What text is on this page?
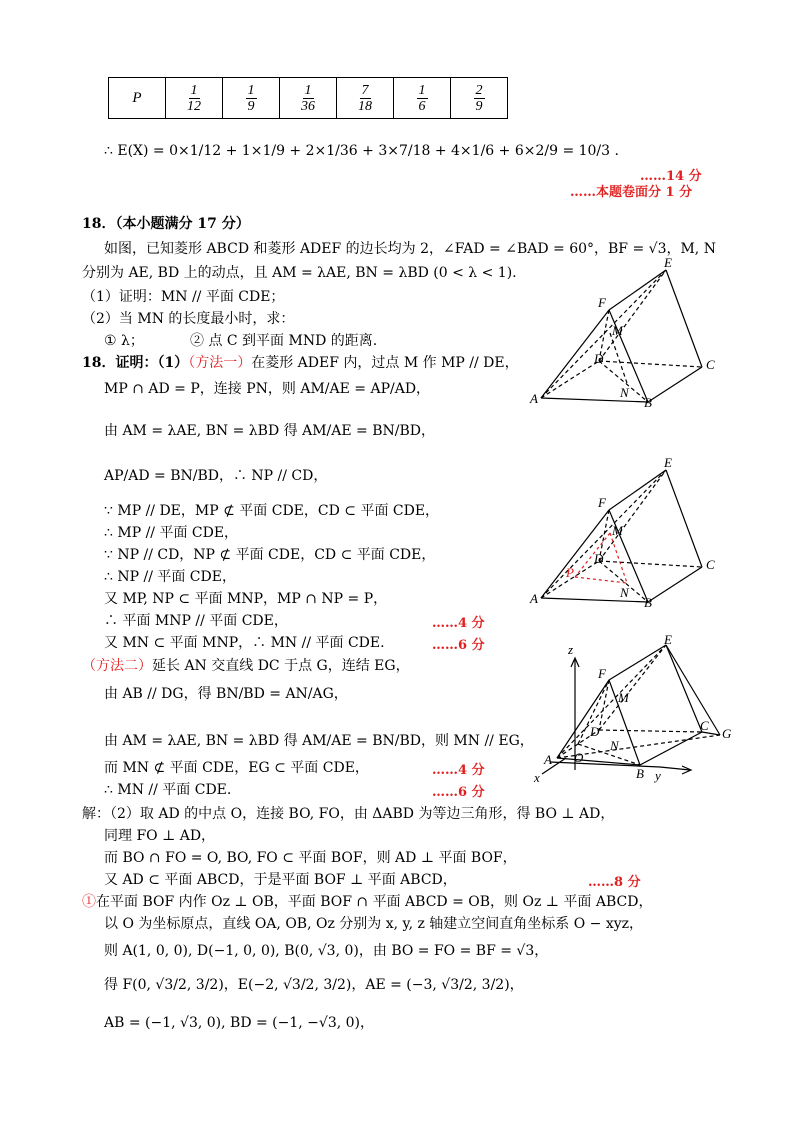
P	$\frac{1}{12}$	$\frac{1}{9}$	$\frac{1}{36}$	$\frac{7}{18}$	$\frac{1}{6}$	$\frac{2}{9}$
∴ E(X) = 0×1/12 + 1×1/9 + 2×1/36 + 3×7/18 + 4×1/6 + 6×2/9 = 10/3 .
……14 分
……本题卷面分 1 分
18．（本小题满分 17 分）
如图，已知菱形 ABCD 和菱形 ADEF 的边长均为 2，∠FAD = ∠BAD = 60°，BF = √3，M, N
分别为 AE, BD 上的动点，且 AM = λAE, BN = λBD (0 < λ < 1).
（1）证明：MN // 平面 CDE；
（2）当 MN 的长度最小时，求：
① λ；	② 点 C 到平面 MND 的距离.
18．证明：（1）（方法一）在菱形 ADEF 内，过点 M 作 MP // DE，
MP ∩ AD = P，连接 PN，则 AM/AE = AP/AD，
由 AM = λAE, BN = λBD 得 AM/AE = BN/BD，
AP/AD = BN/BD，∴ NP // CD，
∵ MP // DE，MP ⊄ 平面 CDE，CD ⊂ 平面 CDE，
∴ MP // 平面 CDE，
∵ NP // CD，NP ⊄ 平面 CDE，CD ⊂ 平面 CDE，
∴ NP // 平面 CDE，
又 MP, NP ⊂ 平面 MNP，MP ∩ NP = P，
∴ 平面 MNP // 平面 CDE，	……4 分
又 MN ⊂ 平面 MNP，∴ MN // 平面 CDE.	……6 分
（方法二）延长 AN 交直线 DC 于点 G，连结 EG，
由 AB // DG，得 BN/BD = AN/AG，
由 AM = λAE, BN = λBD 得 AM/AE = BN/BD，则 MN // EG，
而 MN ⊄ 平面 CDE，EG ⊂ 平面 CDE，	……4 分
∴ MN // 平面 CDE.	……6 分
解：（2）取 AD 的中点 O，连接 BO, FO，由 ΔABD 为等边三角形，得 BO ⊥ AD，
同理 FO ⊥ AD，
而 BO ∩ FO = O, BO, FO ⊂ 平面 BOF，则 AD ⊥ 平面 BOF，
又 AD ⊂ 平面 ABCD，于是平面 BOF ⊥ 平面 ABCD，	……8 分
①在平面 BOF 内作 Oz ⊥ OB，平面 BOF ∩ 平面 ABCD = OB，则 Oz ⊥ 平面 ABCD，
以 O 为坐标原点，直线 OA, OB, Oz 分别为 x, y, z 轴建立空间直角坐标系 O − xyz，
则 A(1, 0, 0), D(−1, 0, 0), B(0, √3, 0)，由 BO = FO = BF = √3，
得 F(0, √3/2, 3/2)，E(−2, √3/2, 3/2)，AE = (−3, √3/2, 3/2)，
AB = (−1, √3, 0), BD = (−1, −√3, 0)，
E
F
M
D	C
A	N
B
E
F
M
D
P
C
A	N
B
z
E
F
M
D
N
C
G
A O
B
x	y
